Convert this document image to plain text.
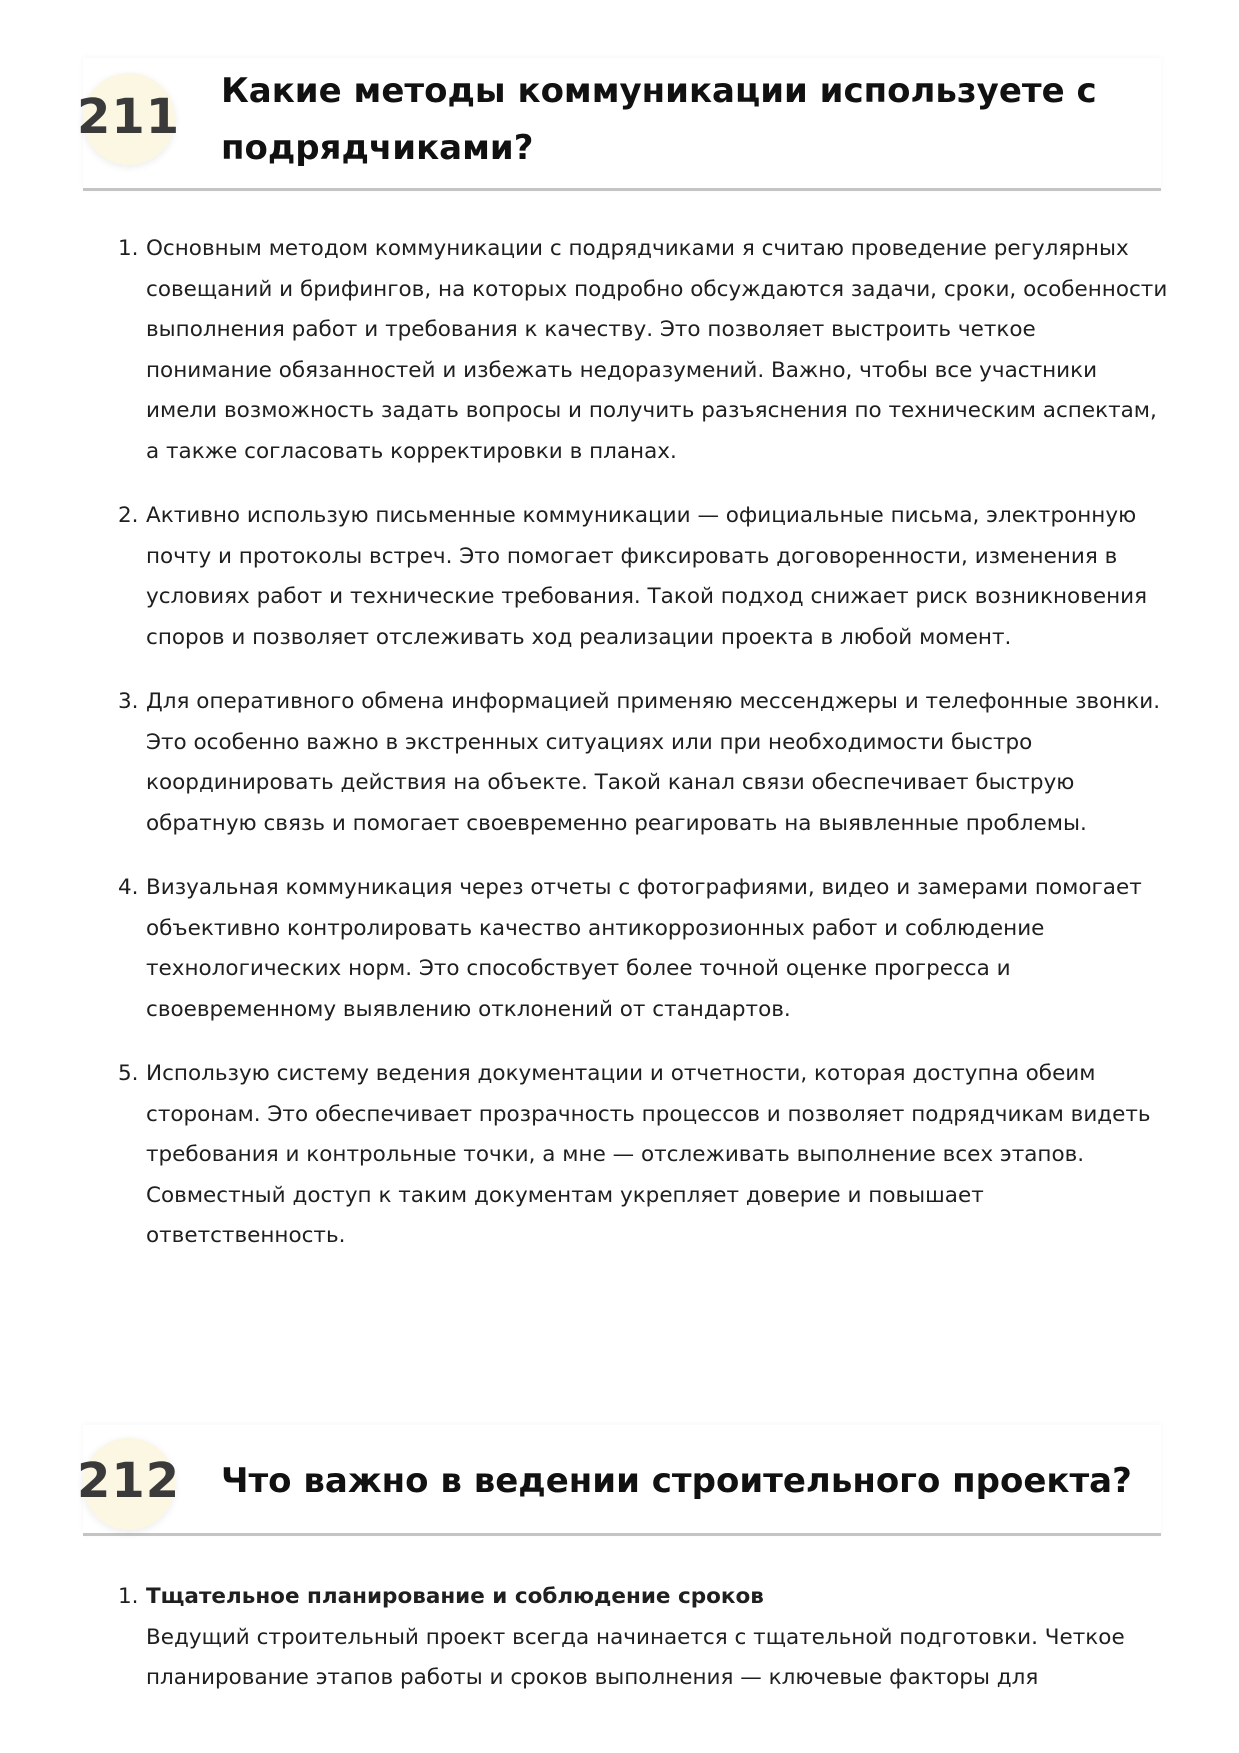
211 Какие методы коммуникации используете с подрядчиками?
1. Основным методом коммуникации с подрядчиками я считаю проведение регулярных совещаний и брифингов, на которых подробно обсуждаются задачи, сроки, особенности выполнения работ и требования к качеству. Это позволяет выстроить четкое понимание обязанностей и избежать недоразумений. Важно, чтобы все участники имели возможность задать вопросы и получить разъяснения по техническим аспектам, а также согласовать корректировки в планах.
2. Активно использую письменные коммуникации — официальные письма, электронную почту и протоколы встреч. Это помогает фиксировать договоренности, изменения в условиях работ и технические требования. Такой подход снижает риск возникновения споров и позволяет отслеживать ход реализации проекта в любой момент.
3. Для оперативного обмена информацией применяю мессенджеры и телефонные звонки. Это особенно важно в экстренных ситуациях или при необходимости быстро координировать действия на объекте. Такой канал связи обеспечивает быструю обратную связь и помогает своевременно реагировать на выявленные проблемы.
4. Визуальная коммуникация через отчеты с фотографиями, видео и замерами помогает объективно контролировать качество антикоррозионных работ и соблюдение технологических норм. Это способствует более точной оценке прогресса и своевременному выявлению отклонений от стандартов.
5. Использую систему ведения документации и отчетности, которая доступна обеим сторонам. Это обеспечивает прозрачность процессов и позволяет подрядчикам видеть требования и контрольные точки, а мне — отслеживать выполнение всех этапов. Совместный доступ к таким документам укрепляет доверие и повышает ответственность.
212 Что важно в ведении строительного проекта?
1. Тщательное планирование и соблюдение сроков
Ведущий строительный проект всегда начинается с тщательной подготовки. Четкое планирование этапов работы и сроков выполнения — ключевые факторы для
